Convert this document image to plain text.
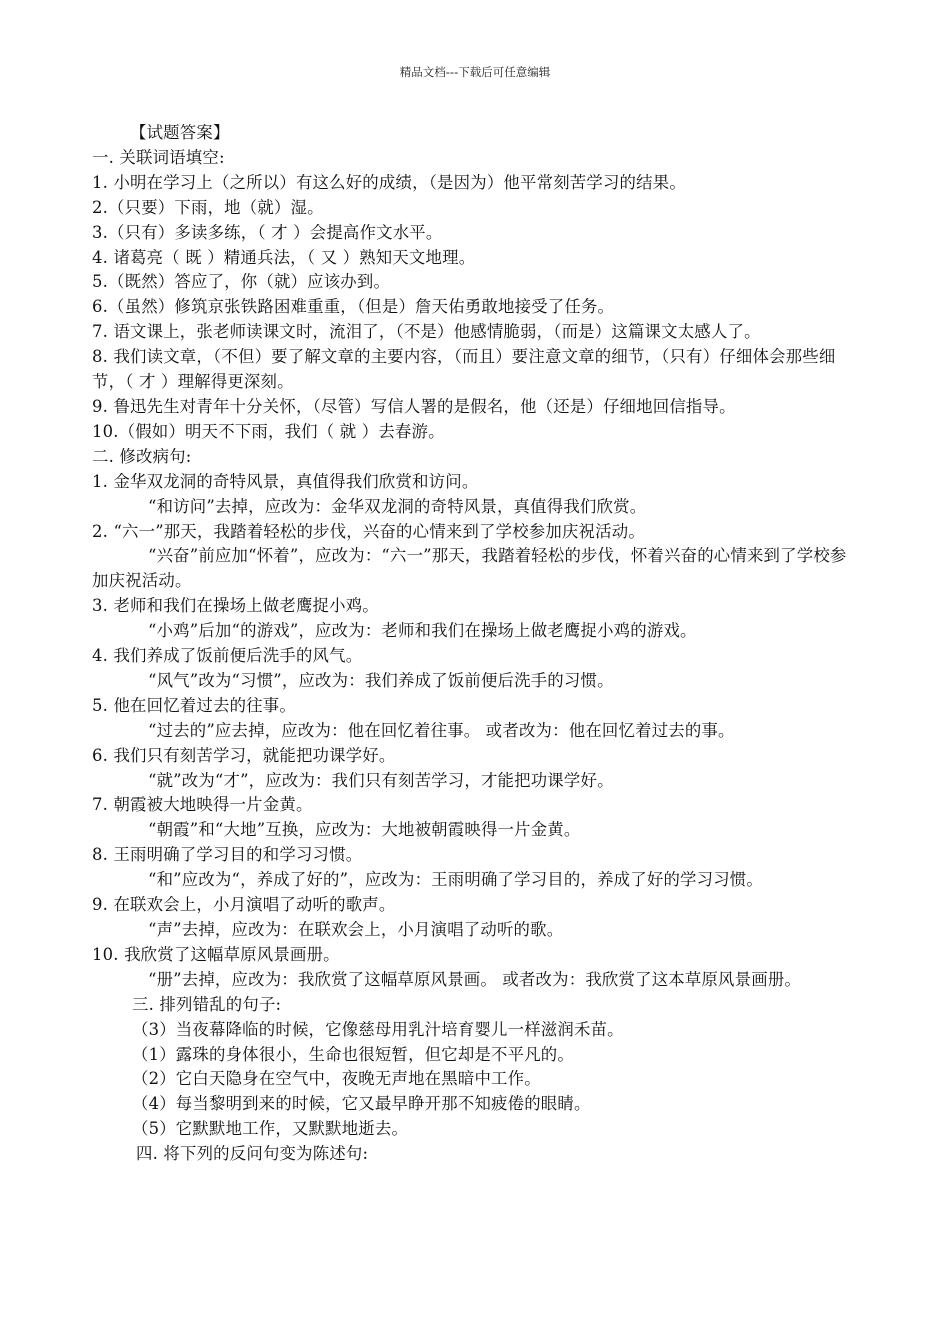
精品文档---下载后可任意编辑
【试题答案】
一. 关联词语填空:
1. 小明在学习上（之所以）有这么好的成绩，（是因为）他平常刻苦学习的结果。
2.（只要）下雨，地（就）湿。
3.（只有）多读多练，（ 才 ）会提高作文水平。
4. 诸葛亮（ 既 ）精通兵法，（ 又 ）熟知天文地理。
5.（既然）答应了，你（就）应该办到。
6.（虽然）修筑京张铁路困难重重，（但是）詹天佑勇敢地接受了任务。
7. 语文课上，张老师读课文时，流泪了，（不是）他感情脆弱，（而是）这篇课文太感人了。
8. 我们读文章，（不但）要了解文章的主要内容，（而且）要注意文章的细节，（只有）仔细体会那些细节，（ 才 ）理解得更深刻。
9. 鲁迅先生对青年十分关怀，（尽管）写信人署的是假名，他（还是）仔细地回信指导。
10.（假如）明天不下雨，我们（ 就 ）去春游。
二. 修改病句:
1. 金华双龙洞的奇特风景，真值得我们欣赏和访问。
“和访问”去掉，应改为：金华双龙洞的奇特风景，真值得我们欣赏。
2. “六一”那天，我踏着轻松的步伐，兴奋的心情来到了学校参加庆祝活动。
“兴奋”前应加“怀着”，应改为：“六一”那天，我踏着轻松的步伐，怀着兴奋的心情来到了学校参加庆祝活动。
3. 老师和我们在操场上做老鹰捉小鸡。
“小鸡”后加“的游戏”，应改为：老师和我们在操场上做老鹰捉小鸡的游戏。
4. 我们养成了饭前便后洗手的风气。
“风气”改为“习惯”，应改为：我们养成了饭前便后洗手的习惯。
5. 他在回忆着过去的往事。
“过去的”应去掉，应改为：他在回忆着往事。 或者改为：他在回忆着过去的事。
6. 我们只有刻苦学习，就能把功课学好。
“就”改为“才”，应改为：我们只有刻苦学习，才能把功课学好。
7. 朝霞被大地映得一片金黄。
“朝霞”和“大地”互换，应改为：大地被朝霞映得一片金黄。
8. 王雨明确了学习目的和学习习惯。
“和”应改为“，养成了好的”，应改为：王雨明确了学习目的，养成了好的学习习惯。
9. 在联欢会上，小月演唱了动听的歌声。
“声”去掉，应改为：在联欢会上，小月演唱了动听的歌。
10. 我欣赏了这幅草原风景画册。
“册”去掉，应改为：我欣赏了这幅草原风景画。 或者改为：我欣赏了这本草原风景画册。
三. 排列错乱的句子:
（3）当夜幕降临的时候，它像慈母用乳汁培育婴儿一样滋润禾苗。
（1）露珠的身体很小，生命也很短暂，但它却是不平凡的。
（2）它白天隐身在空气中，夜晚无声地在黑暗中工作。
（4）每当黎明到来的时候，它又最早睁开那不知疲倦的眼睛。
（5）它默默地工作，又默默地逝去。
四. 将下列的反问句变为陈述句:
